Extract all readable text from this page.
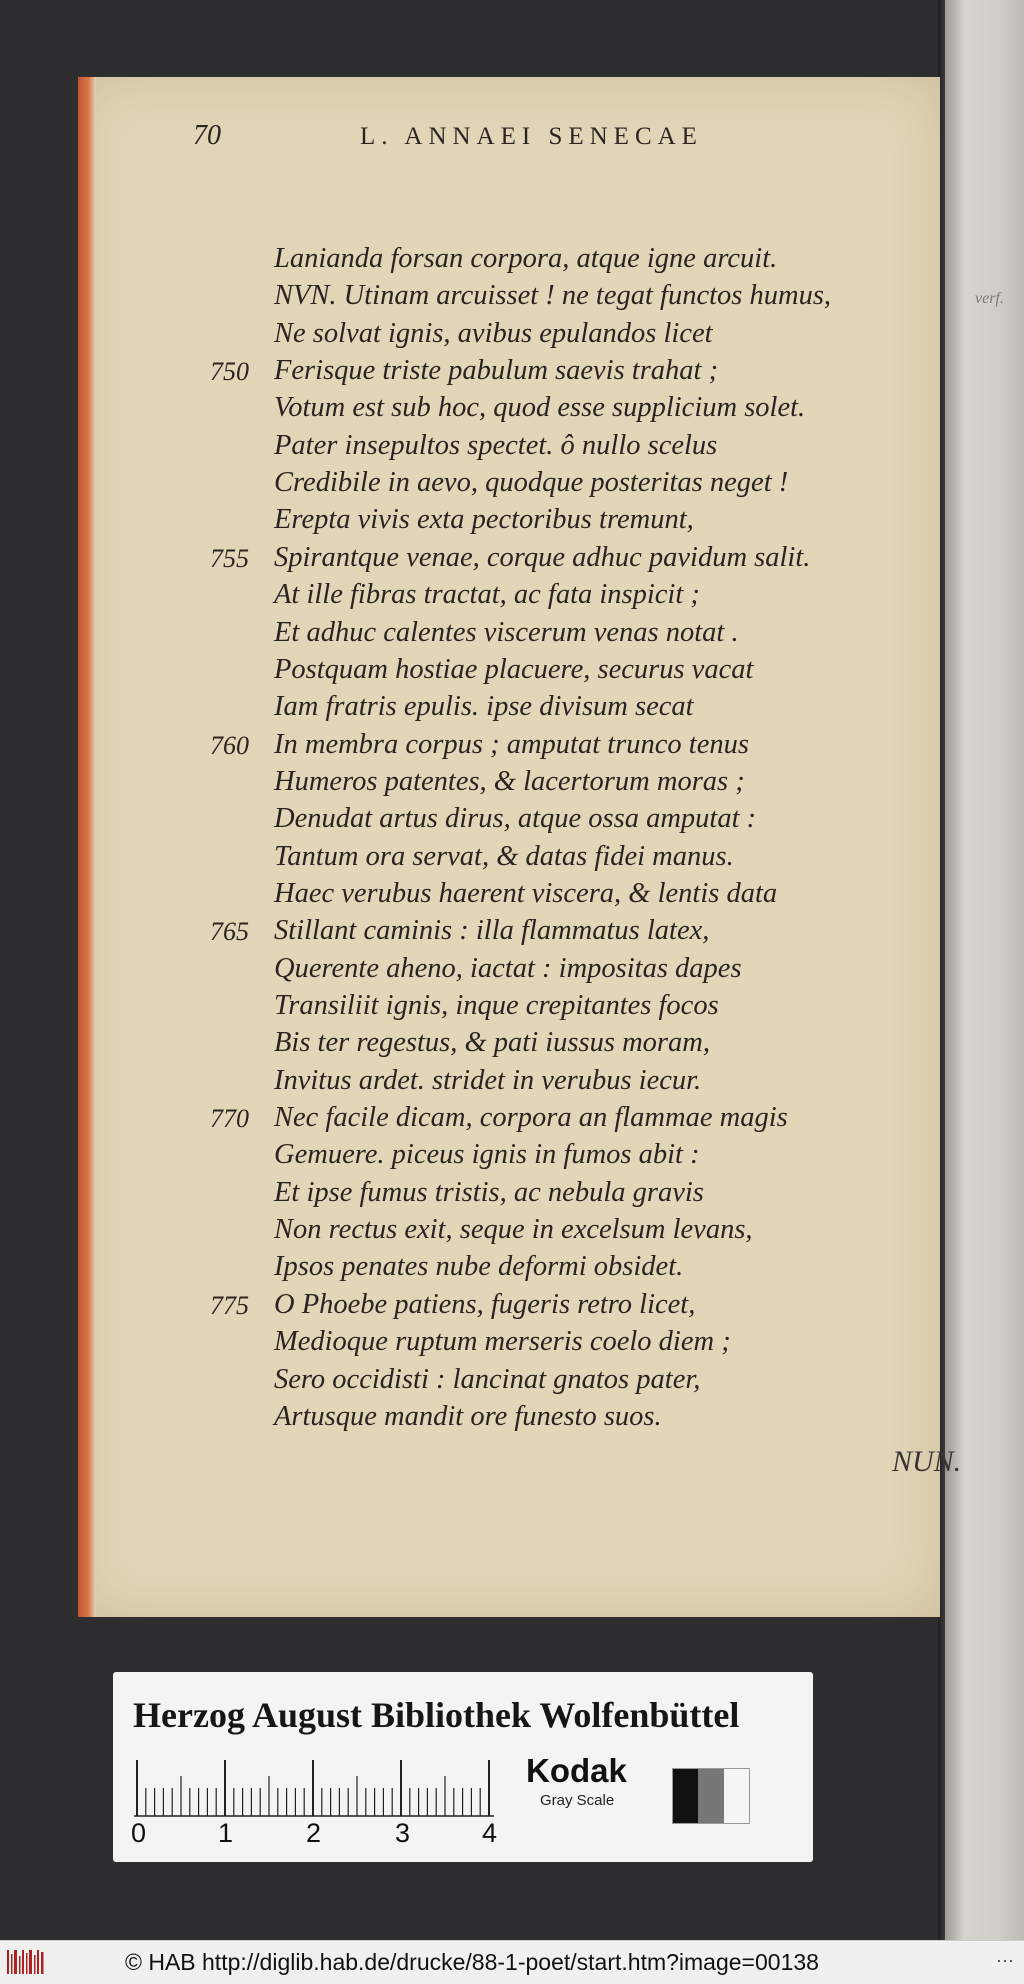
verf.
70	L. ANNAEI SENECAE
Lanianda forsan corpora, atque igne arcuit.
NVN. Utinam arcuisset ! ne tegat functos humus,
Ne solvat ignis, avibus epulandos licet
750 Ferisque triste pabulum saevis trahat ;
Votum est sub hoc, quod esse supplicium solet.
Pater insepultos spectet. ô nullo scelus
Credibile in aevo, quodque posteritas neget !
Erepta vivis exta pectoribus tremunt,
755 Spirantque venae, corque adhuc pavidum salit.
At ille fibras tractat, ac fata inspicit ;
Et adhuc calentes viscerum venas notat .
Postquam hostiae placuere, securus vacat
Iam fratris epulis. ipse divisum secat
760 In membra corpus ; amputat trunco tenus
Humeros patentes, & lacertorum moras ;
Denudat artus dirus, atque ossa amputat :
Tantum ora servat, & datas fidei manus.
Haec verubus haerent viscera, & lentis data
765 Stillant caminis : illa flammatus latex,
Querente aheno, iactat : impositas dapes
Transiliit ignis, inque crepitantes focos
Bis ter regestus, & pati iussus moram,
Invitus ardet. stridet in verubus iecur.
770 Nec facile dicam, corpora an flammae magis
Gemuere. piceus ignis in fumos abit :
Et ipse fumus tristis, ac nebula gravis
Non rectus exit, seque in excelsum levans,
Ipsos penates nube deformi obsidet.
775 O Phoebe patiens, fugeris retro licet,
Medioque ruptum merseris coelo diem ;
Sero occidisti : lancinat gnatos pater,
Artusque mandit ore funesto suos.
NUN.
Herzog August Bibliothek Wolfenbüttel
0	1	2	3	4
Kodak
Gray Scale
© HAB http://diglib.hab.de/drucke/88-1-poet/start.htm?image=00138	···
